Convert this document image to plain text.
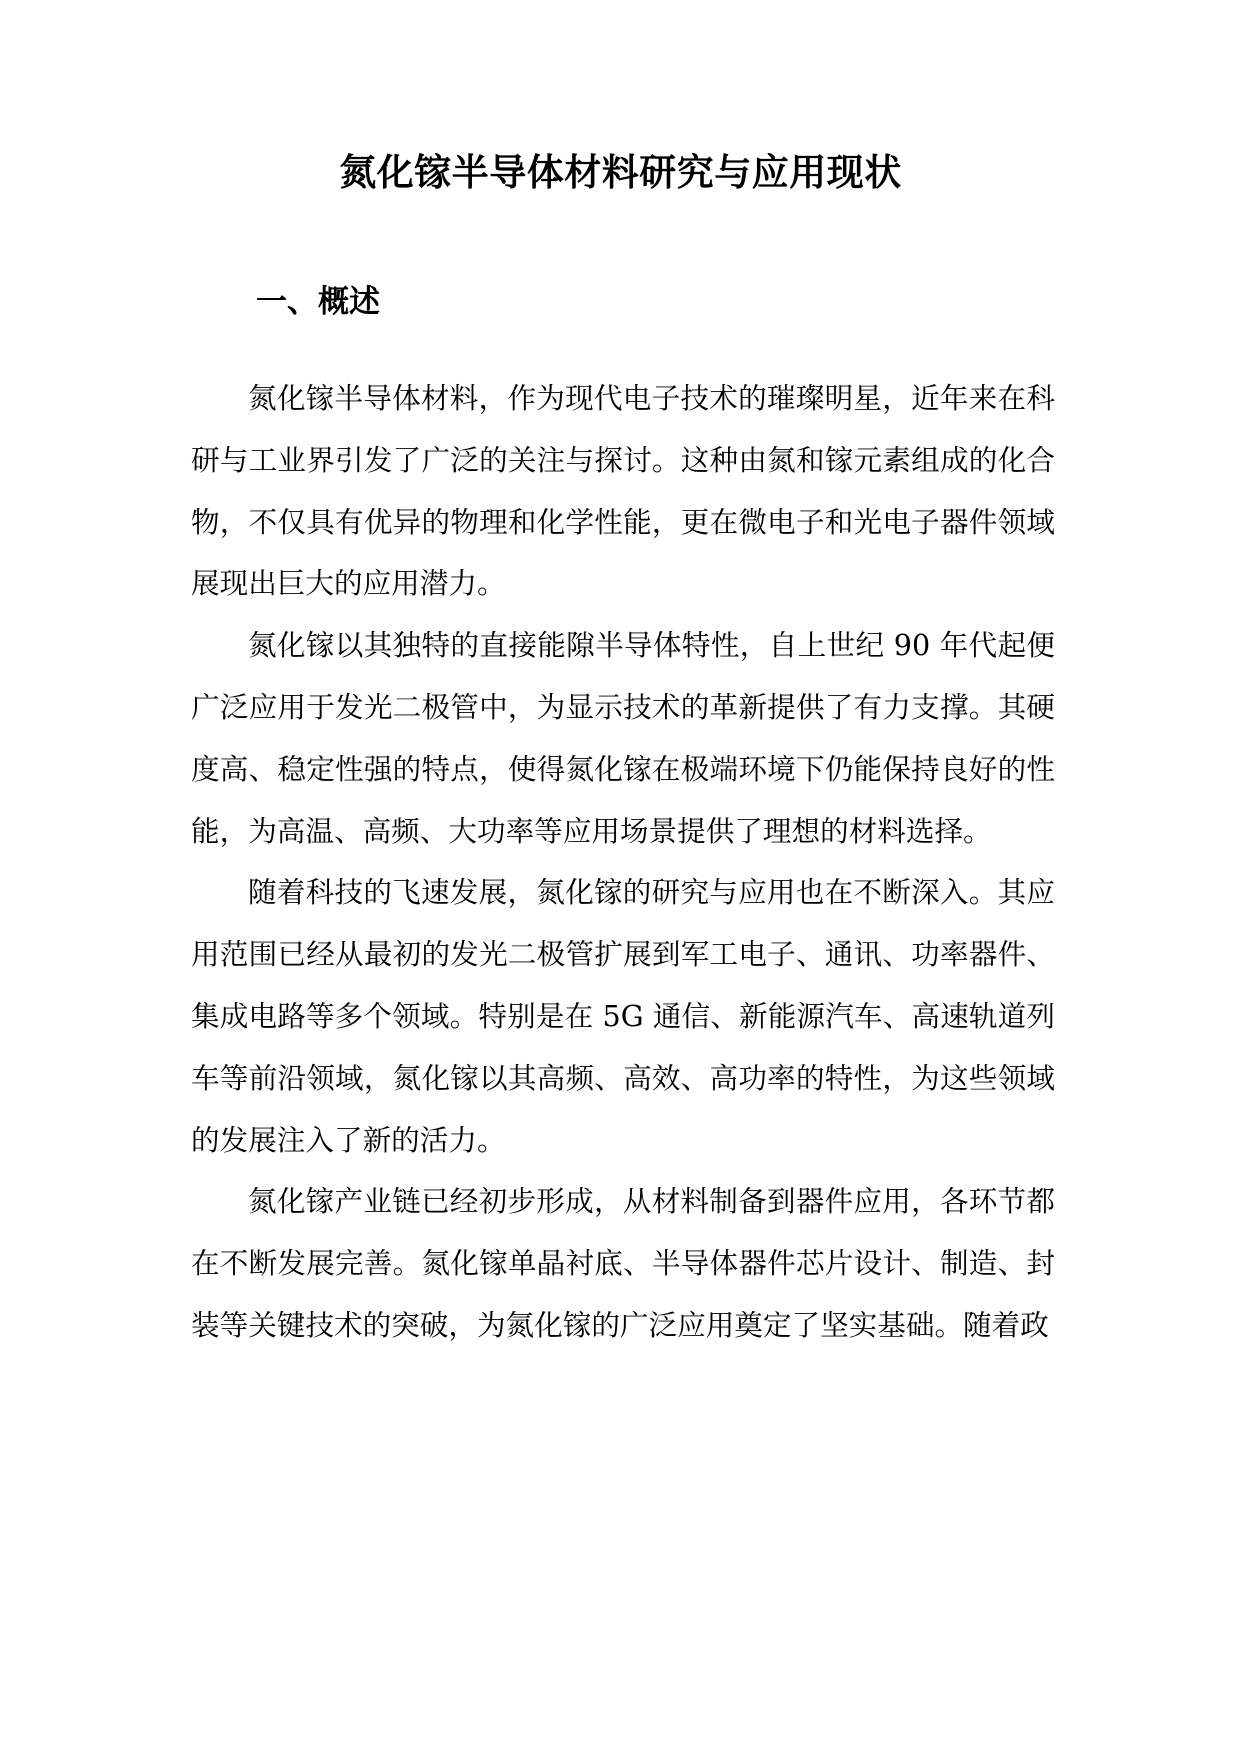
氮化镓半导体材料研究与应用现状
一、概述

氮化镓半导体材料，作为现代电子技术的璀璨明星，近年来在科研与工业界引发了广泛的关注与探讨。这种由氮和镓元素组成的化合物，不仅具有优异的物理和化学性能，更在微电子和光电子器件领域展现出巨大的应用潜力。

氮化镓以其独特的直接能隙半导体特性，自上世纪 90 年代起便广泛应用于发光二极管中，为显示技术的革新提供了有力支撑。其硬度高、稳定性强的特点，使得氮化镓在极端环境下仍能保持良好的性能，为高温、高频、大功率等应用场景提供了理想的材料选择。

随着科技的飞速发展，氮化镓的研究与应用也在不断深入。其应用范围已经从最初的发光二极管扩展到军工电子、通讯、功率器件、集成电路等多个领域。特别是在 5G 通信、新能源汽车、高速轨道列车等前沿领域，氮化镓以其高频、高效、高功率的特性，为这些领域的发展注入了新的活力。

氮化镓产业链已经初步形成，从材料制备到器件应用，各环节都在不断发展完善。氮化镓单晶衬底、半导体器件芯片设计、制造、封装等关键技术的突破，为氮化镓的广泛应用奠定了坚实基础。随着政
